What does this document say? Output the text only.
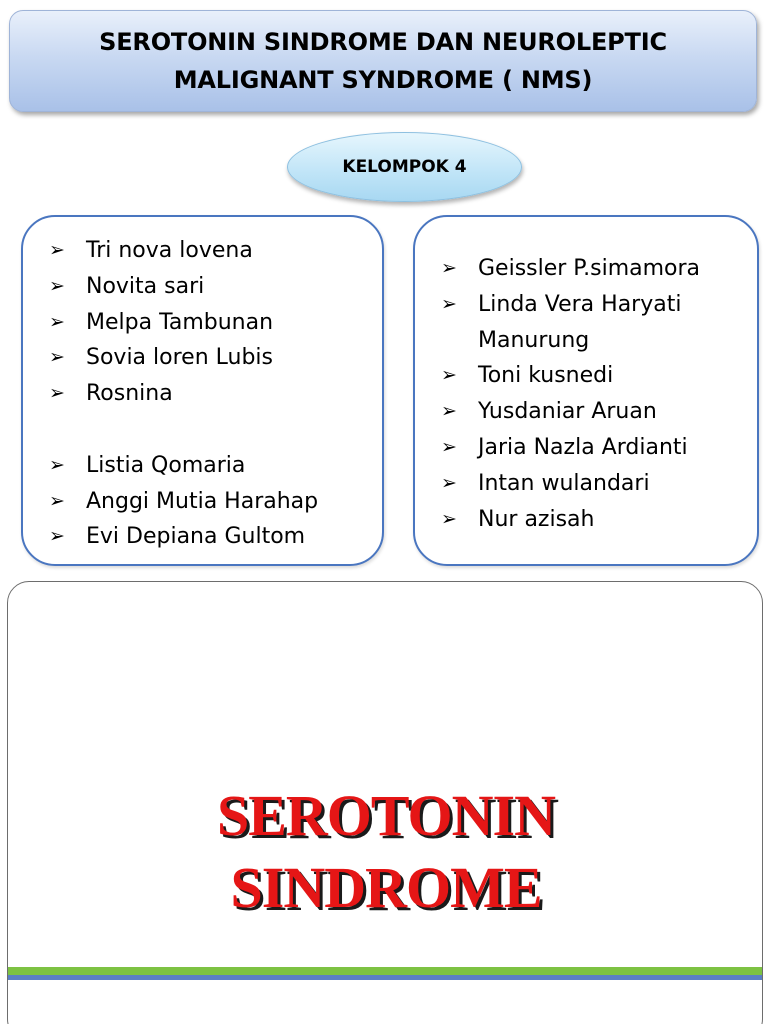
SEROTONIN SINDROME DAN NEUROLEPTIC
MALIGNANT SYNDROME ( NMS)
KELOMPOK 4
➢ Tri nova lovena
➢ Novita sari
➢ Melpa Tambunan
➢ Sovia loren Lubis
➢ Rosnina
➢ Listia Qomaria
➢ Anggi Mutia Harahap
➢ Evi Depiana Gultom
➢ Geissler P.simamora
➢ Linda Vera Haryati
Manurung
➢ Toni kusnedi
➢ Yusdaniar Aruan
➢ Jaria Nazla Ardianti
➢ Intan wulandari
➢ Nur azisah
SEROTONIN
SINDROME
